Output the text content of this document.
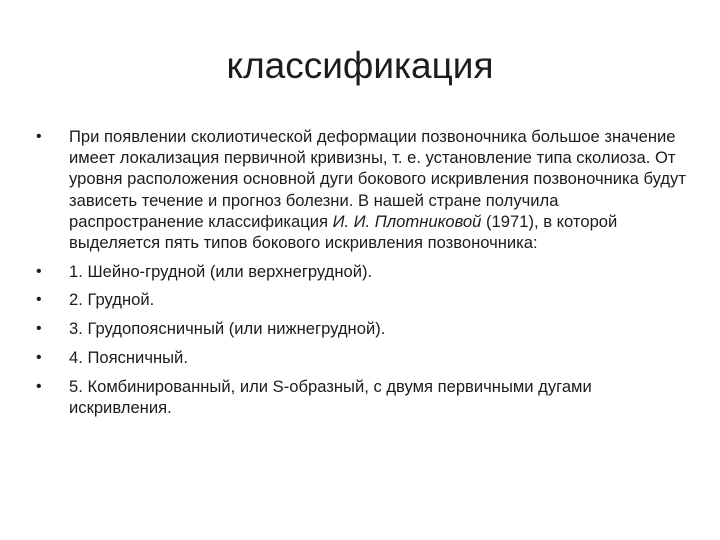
классификация
•	При появлении сколиотической деформации позвоночника большое значение имеет локализация первичной кривизны, т. е. установление типа сколиоза. От уровня расположения основной дуги бокового искривления позвоночника будут зависеть течение и прогноз болезни. В нашей стране получила распространение классификация И. И. Плотниковой (1971), в которой выделяется пять типов бокового искривления позвоночника:
•	1. Шейно‑грудной (или верхнегрудной).
•	2. Грудной.
•	3. Грудопоясничный (или нижнегрудной).
•	4. Поясничный.
•	5. Комбинированный, или S‑образный, с двумя первичными дугами искривления.
